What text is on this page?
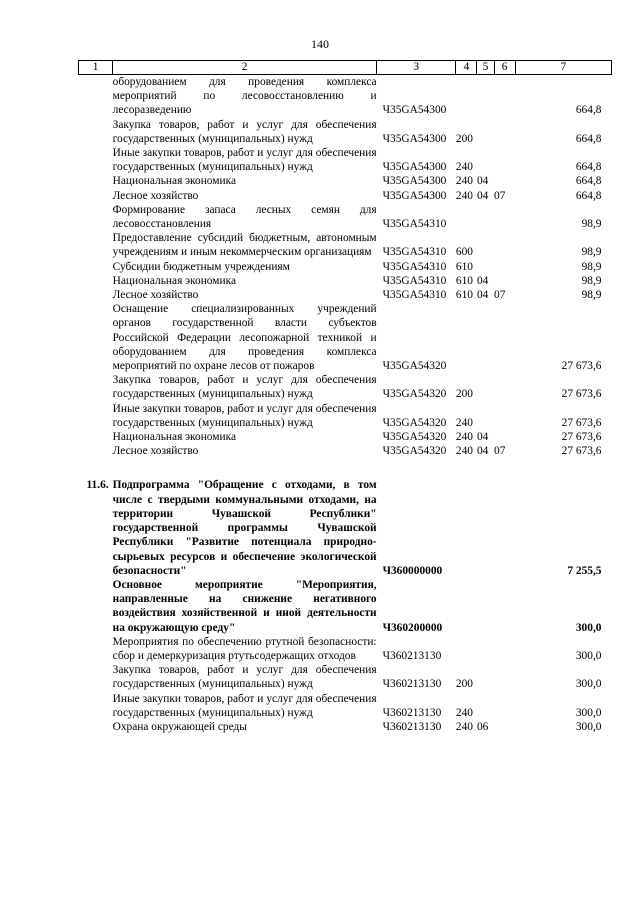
140
1	2	3	4	5	6	7
	оборудованием для проведения комплекса мероприятий по лесовосстановлению и лесоразведению	Ч35GA54300				664,8
	Закупка товаров, работ и услуг для обеспечения государственных (муниципальных) нужд	Ч35GA54300	200			664,8
	Иные закупки товаров, работ и услуг для обеспечения государственных (муниципальных) нужд	Ч35GA54300	240			664,8
	Национальная экономика	Ч35GA54300	240	04		664,8
	Лесное хозяйство	Ч35GA54300	240	04	07	664,8
	Формирование запаса лесных семян для лесовосстановления	Ч35GA54310				98,9
	Предоставление субсидий бюджетным, автономным учреждениям и иным некоммерческим организациям	Ч35GA54310	600			98,9
	Субсидии бюджетным учреждениям	Ч35GA54310	610			98,9
	Национальная экономика	Ч35GA54310	610	04		98,9
	Лесное хозяйство	Ч35GA54310	610	04	07	98,9
	Оснащение специализированных учреждений органов государственной власти субъектов Российской Федерации лесопожарной техникой и оборудованием для проведения комплекса мероприятий по охране лесов от пожаров	Ч35GA54320				27 673,6
	Закупка товаров, работ и услуг для обеспечения государственных (муниципальных) нужд	Ч35GA54320	200			27 673,6
	Иные закупки товаров, работ и услуг для обеспечения государственных (муниципальных) нужд	Ч35GA54320	240			27 673,6
	Национальная экономика	Ч35GA54320	240	04		27 673,6
	Лесное хозяйство	Ч35GA54320	240	04	07	27 673,6

11.6.	Подпрограмма "Обращение с отходами, в том числе с твердыми коммунальными отходами, на территории Чувашской Республики" государственной программы Чувашской Республики "Развитие потенциала природно-сырьевых ресурсов и обеспечение экологической безопасности"	Ч360000000				7 255,5
	Основное мероприятие "Мероприятия, направленные на снижение негативного воздействия хозяйственной и иной деятельности на окружающую среду"	Ч360200000				300,0
	Мероприятия по обеспечению ртутной безопасности: сбор и демеркуризация ртутьсодержащих отходов	Ч360213130				300,0
	Закупка товаров, работ и услуг для обеспечения государственных (муниципальных) нужд	Ч360213130	200			300,0
	Иные закупки товаров, работ и услуг для обеспечения государственных (муниципальных) нужд	Ч360213130	240			300,0
	Охрана окружающей среды	Ч360213130	240	06		300,0
